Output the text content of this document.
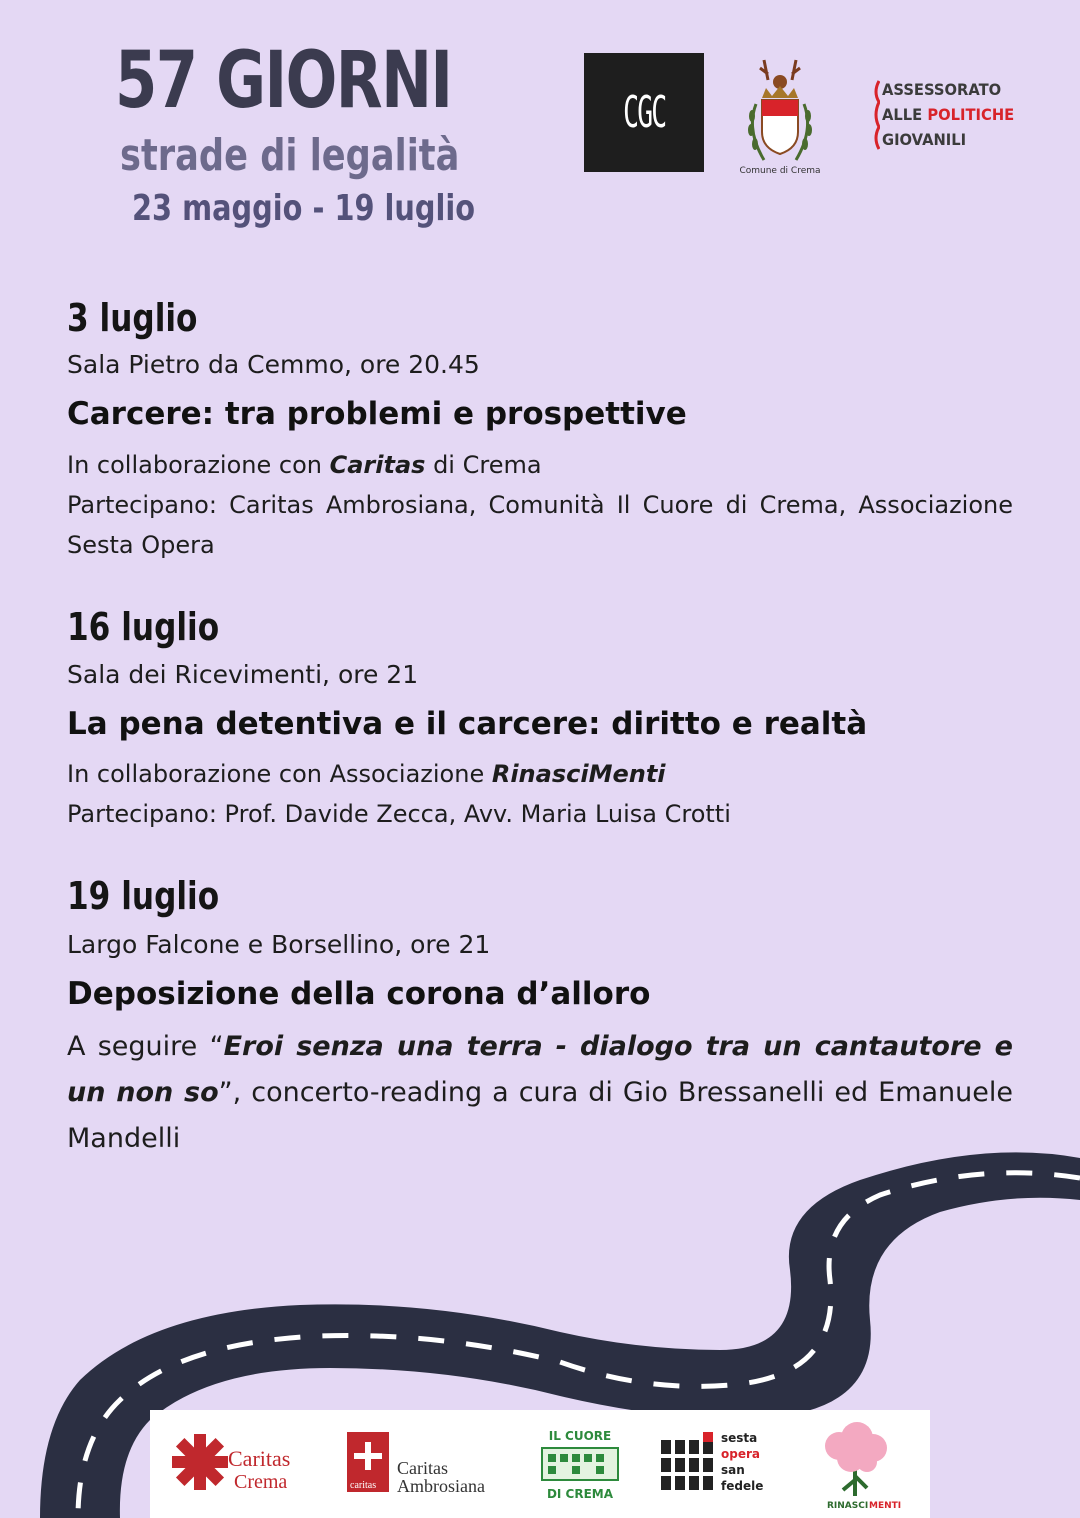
57 GIORNI
strade di legalità
23 maggio - 19 luglio
CGC
Comune di Crema
ASSESSORATO
ALLE POLITICHE
GIOVANILI
3 luglio
Sala Pietro da Cemmo, ore 20.45
Carcere: tra problemi e prospettive
In collaborazione con Caritas di Crema
Partecipano: Caritas Ambrosiana, Comunità Il Cuore di Crema, Associazione Sesta Opera
16 luglio
Sala dei Ricevimenti, ore 21
La pena detentiva e il carcere: diritto e realtà
In collaborazione con Associazione RinasciMenti
Partecipano: Prof. Davide Zecca, Avv. Maria Luisa Crotti
19 luglio
Largo Falcone e Borsellino, ore 21
Deposizione della corona d’alloro
A seguire “Eroi senza una terra - dialogo tra un cantautore e un non so”, concerto-reading a cura di Gio Bressanelli ed Emanuele Mandelli
Caritas
Crema	caritas
Caritas
Ambrosiana
IL CUORE
DI CREMA
sesta
opera
san
fedele
RINASCI MENTI
